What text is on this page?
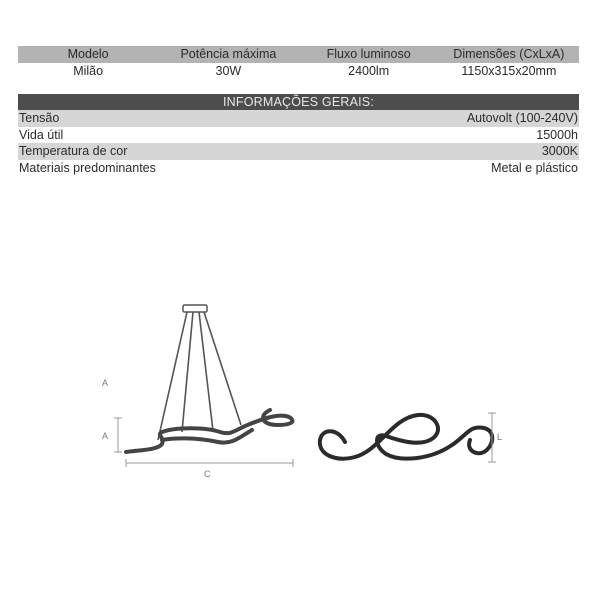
Modelo	Potência máxima	Fluxo luminoso	Dimensões (CxLxA)
Milão	30W	2400lm	1150x315x20mm
INFORMAÇÕES GERAIS:
Tensão	Autovolt (100-240V)
Vida útil	15000h
Temperatura de cor	3000K
Materiais predominantes	Metal e plástico
A
A
C
L
